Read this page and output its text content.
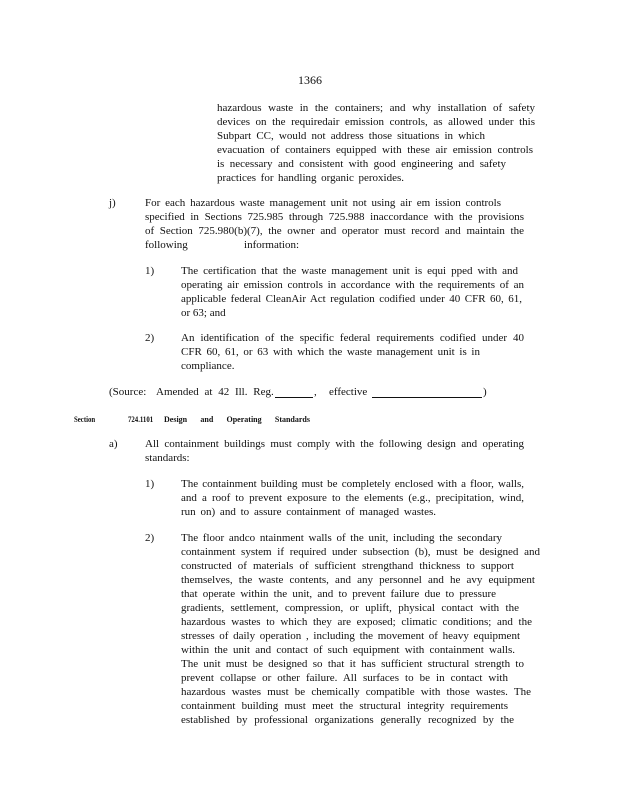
1366
hazardous waste in the containers; and why installation of safety
devices on the requiredair emission controls, as allowed under this
Subpart CC, would not address those situations in which
evacuation of containers equipped with these air emission controls
is necessary and consistent with good engineering and safety
practices for handling organic peroxides.
j)	For each hazardous waste management unit not using air em ission controls
specified in Sections 725.985 through 725.988 inaccordance with the provisions
of Section 725.980(b)(7), the owner and operator must record and maintain the
following information:
1) The certification that the waste management unit is equi pped with and
operating air emission controls in accordance with the requirements of an
applicable federal CleanAir Act regulation codified under 40 CFR 60, 61,
or 63; and
2) An identification of the specific federal requirements codified under 40
CFR 60, 61, or 63 with which the waste management unit is in
compliance.
(Source: Amended at 42 Ill. Reg.	, effective	)
Section	724.1101 Design and Operating Standards
a) All containment buildings must comply with the following design and operating
standards:
1) The containment building must be completely enclosed with a floor, walls,
and a roof to prevent exposure to the elements (e.g., precipitation, wind,
run on) and to assure containment of managed wastes.
2) The floor andco ntainment walls of the unit, including the secondary
containment system if required under subsection (b), must be designed and
constructed of materials of sufficient strengthand thickness to support
themselves, the waste contents, and any personnel and he avy equipment
that operate within the unit, and to prevent failure due to pressure
gradients, settlement, compression, or uplift, physical contact with the
hazardous wastes to which they are exposed; climatic conditions; and the
stresses of daily operation , including the movement of heavy equipment
within the unit and contact of such equipment with containment walls.
The unit must be designed so that it has sufficient structural strength to
prevent collapse or other failure. All surfaces to be in contact with
hazardous wastes must be chemically compatible with those wastes. The
containment building must meet the structural integrity requirements
established by professional organizations generally recognized by the
